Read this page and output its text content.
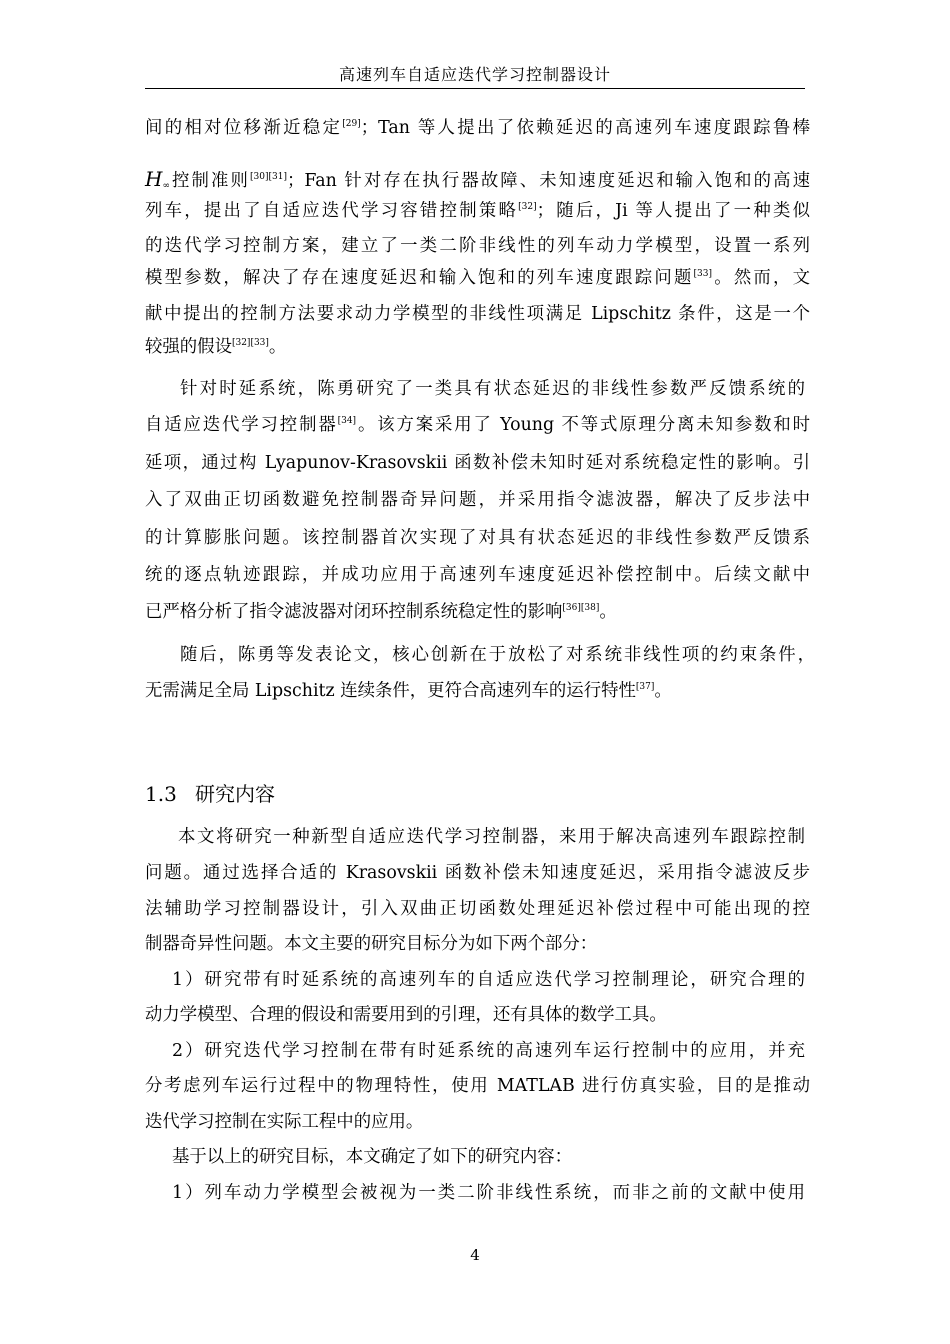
高速列车自适应迭代学习控制器设计
间的相对位移渐近稳定[29]；Tan 等人提出了依赖延迟的高速列车速度跟踪鲁棒
$H_\infty$控制准则[30][31]；Fan 针对存在执行器故障、未知速度延迟和输入饱和的高速
列车，提出了自适应迭代学习容错控制策略[32]；随后，Ji 等人提出了一种类似
的迭代学习控制方案，建立了一类二阶非线性的列车动力学模型，设置一系列
模型参数，解决了存在速度延迟和输入饱和的列车速度跟踪问题[33]。然而，文
献中提出的控制方法要求动力学模型的非线性项满足 Lipschitz 条件，这是一个
较强的假设[32][33]。
针对时延系统，陈勇研究了一类具有状态延迟的非线性参数严反馈系统的
自适应迭代学习控制器[34]。该方案采用了 Young 不等式原理分离未知参数和时
延项，通过构 Lyapunov-Krasovskii 函数补偿未知时延对系统稳定性的影响。引
入了双曲正切函数避免控制器奇异问题，并采用指令滤波器，解决了反步法中
的计算膨胀问题。该控制器首次实现了对具有状态延迟的非线性参数严反馈系
统的逐点轨迹跟踪，并成功应用于高速列车速度延迟补偿控制中。后续文献中
已严格分析了指令滤波器对闭环控制系统稳定性的影响[36][38]。
随后，陈勇等发表论文，核心创新在于放松了对系统非线性项的约束条件，
无需满足全局 Lipschitz 连续条件，更符合高速列车的运行特性[37]。
1.3 研究内容
本文将研究一种新型自适应迭代学习控制器，来用于解决高速列车跟踪控制
问题。通过选择合适的 Krasovskii 函数补偿未知速度延迟，采用指令滤波反步
法辅助学习控制器设计，引入双曲正切函数处理延迟补偿过程中可能出现的控
制器奇异性问题。本文主要的研究目标分为如下两个部分：
1）研究带有时延系统的高速列车的自适应迭代学习控制理论，研究合理的
动力学模型、合理的假设和需要用到的引理，还有具体的数学工具。
2）研究迭代学习控制在带有时延系统的高速列车运行控制中的应用，并充
分考虑列车运行过程中的物理特性，使用 MATLAB 进行仿真实验，目的是推动
迭代学习控制在实际工程中的应用。
基于以上的研究目标，本文确定了如下的研究内容：
1）列车动力学模型会被视为一类二阶非线性系统，而非之前的文献中使用
4
